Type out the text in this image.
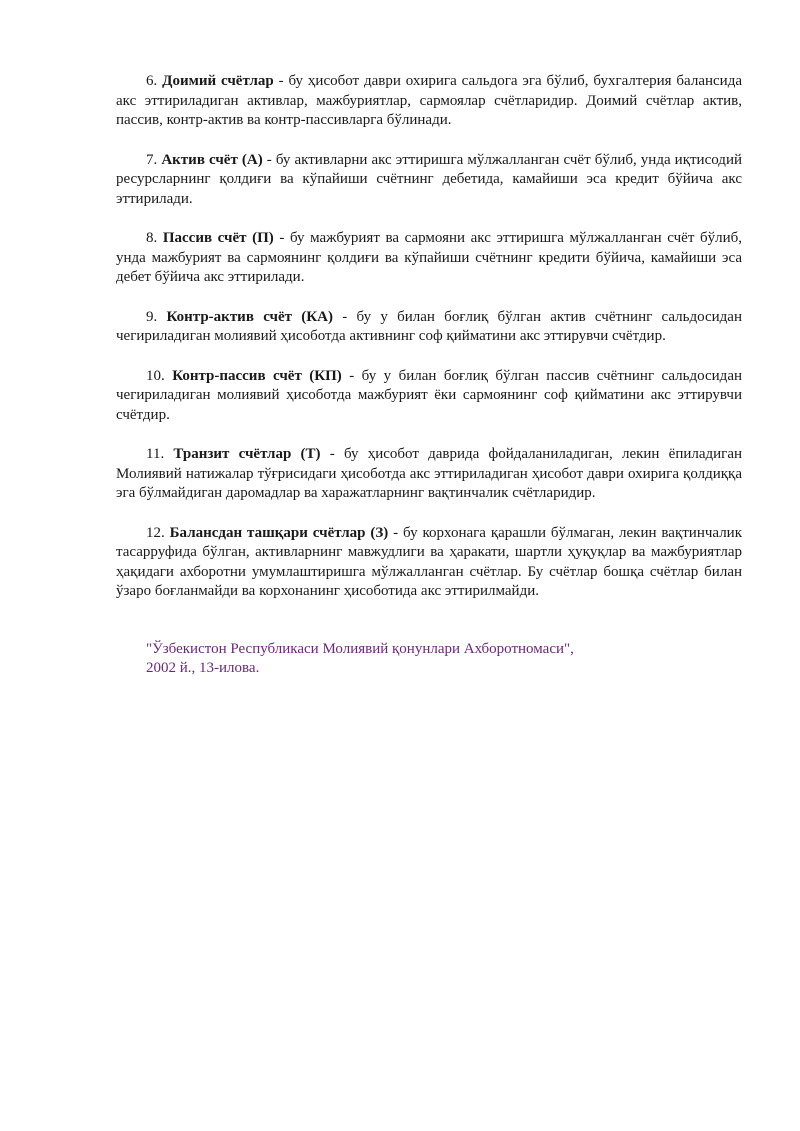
6. Доимий счётлар - бу ҳисобот даври охирига сальдога эга бўлиб, бухгалтерия балансида акс эттириладиган активлар, мажбуриятлар, сармоялар счётларидир. Доимий счётлар актив, пассив, контр-актив ва контр-пассивларга бўлинади.

7. Актив счёт (А) - бу активларни акс эттиришга мўлжалланган счёт бўлиб, унда иқтисодий ресурсларнинг қолдиғи ва кўпайиши счётнинг дебетида, камайиши эса кредит бўйича акс эттирилади.

8. Пассив счёт (П) - бу мажбурият ва сармояни акс эттиришга мўлжалланган счёт бўлиб, унда мажбурият ва сармоянинг қолдиғи ва кўпайиши счётнинг кредити бўйича, камайиши эса дебет бўйича акс эттирилади.

9. Контр-актив счёт (КА) - бу у билан боғлиқ бўлган актив счётнинг сальдосидан чегириладиган молиявий ҳисоботда активнинг соф қийматини акс эттирувчи счётдир.

10. Контр-пассив счёт (КП) - бу у билан боғлиқ бўлган пассив счётнинг сальдосидан чегириладиган молиявий ҳисоботда мажбурият ёки сармоянинг соф қийматини акс эттирувчи счётдир.

11. Транзит счётлар (Т) - бу ҳисобот даврида фойдаланиладиган, лекин ёпиладиган Молиявий натижалар тўғрисидаги ҳисоботда акс эттириладиган ҳисобот даври охирига қолдиққа эга бўлмайдиган даромадлар ва харажатларнинг вақтинчалик счётларидир.

12. Балансдан ташқари счётлар (З) - бу корхонага қарашли бўлмаган, лекин вақтинчалик тасарруфида бўлган, активларнинг мавжудлиги ва ҳаракати, шартли ҳуқуқлар ва мажбуриятлар ҳақидаги ахборотни умумлаштиришга мўлжалланган счётлар. Бу счётлар бошқа счётлар билан ўзаро боғланмайди ва корхонанинг ҳисоботида акс эттирилмайди.

"Ўзбекистон Республикаси Молиявий қонунлари Ахборотномаси",
2002 й., 13-илова.
